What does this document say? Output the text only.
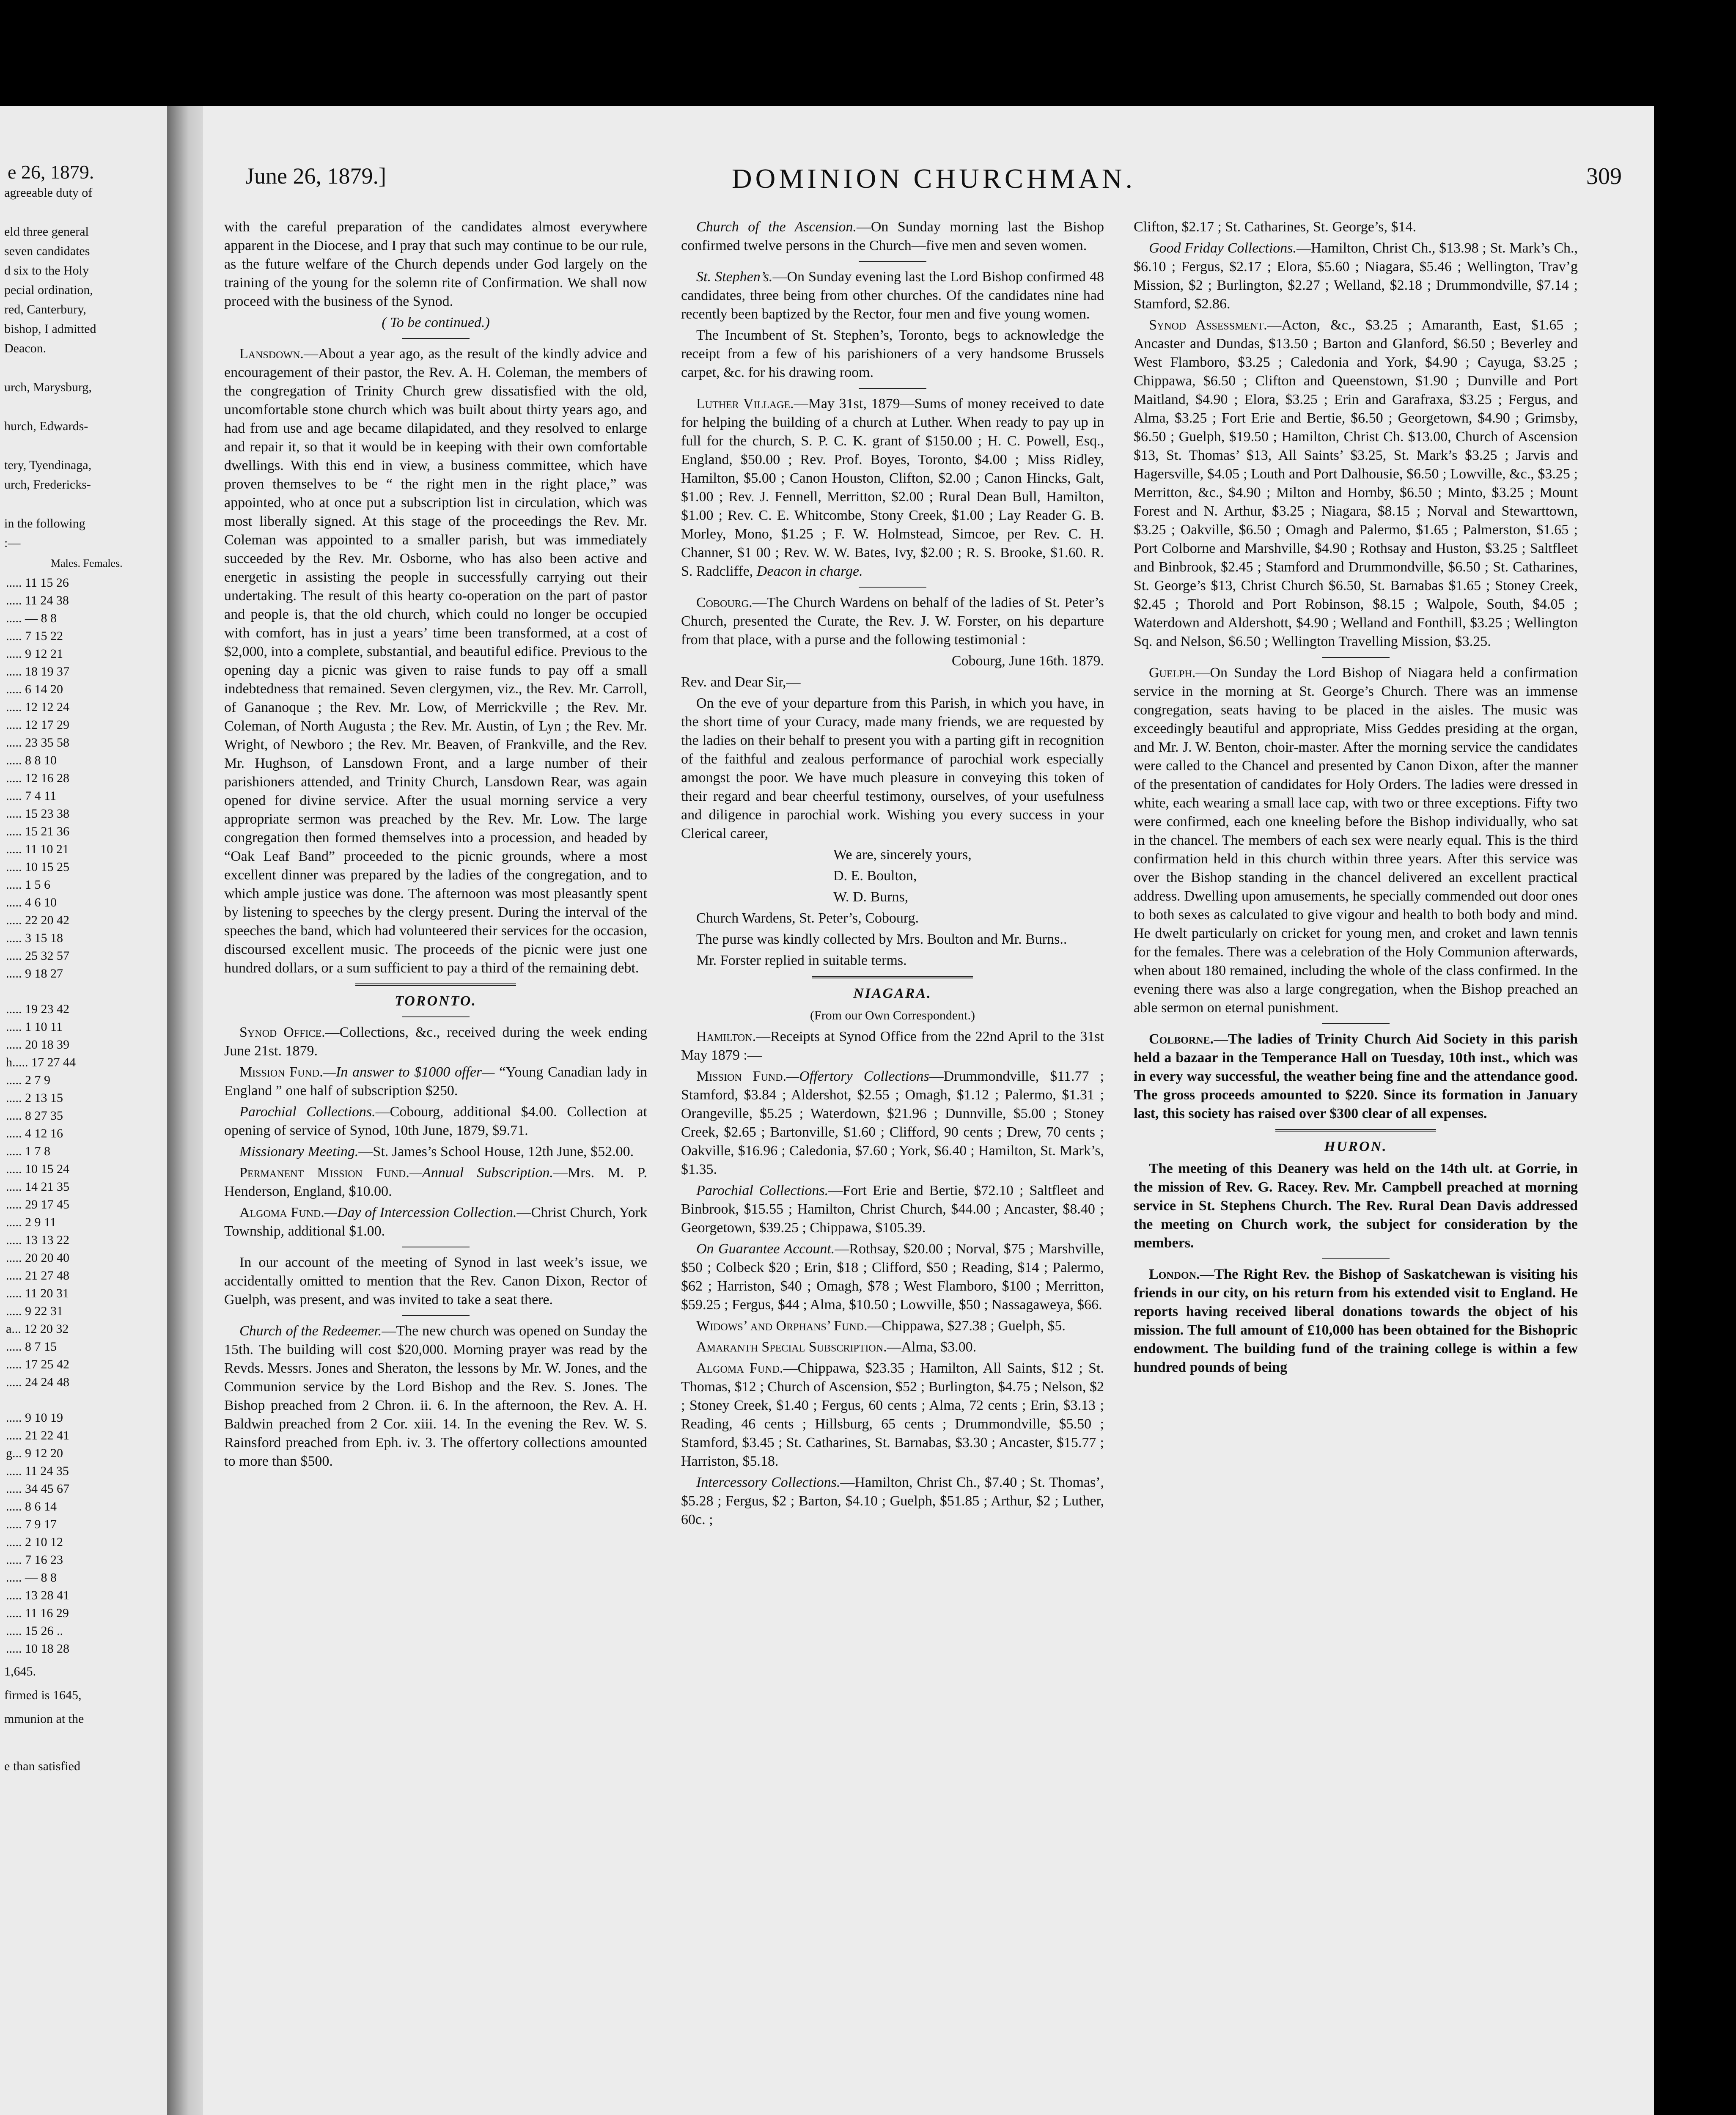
e 26, 1879.
agreeable duty of

eld three general
seven candidates
d six to the Holy
pecial ordination,
red, Canterbury,
bishop, I admitted
Deacon.

urch, Marysburg,

hurch, Edwards-

tery, Tyendinaga,
urch, Fredericks-

in the following
:—
Males. Females.
..... 11 15 26
..... 11 24 38
..... — 8 8
..... 7 15 22
..... 9 12 21
..... 18 19 37
..... 6 14 20
..... 12 12 24
..... 12 17 29
..... 23 35 58
..... 8 8 10
..... 12 16 28
..... 7 4 11
..... 15 23 38
..... 15 21 36
..... 11 10 21
..... 10 15 25
..... 1 5 6
..... 4 6 10
..... 22 20 42
..... 3 15 18
..... 25 32 57
..... 9 18 27

..... 19 23 42
..... 1 10 11
..... 20 18 39
h..... 17 27 44
..... 2 7 9
..... 2 13 15
..... 8 27 35
..... 4 12 16
..... 1 7 8
..... 10 15 24
..... 14 21 35
..... 29 17 45
..... 2 9 11
..... 13 13 22
..... 20 20 40
..... 21 27 48
..... 11 20 31
..... 9 22 31
a... 12 20 32
..... 8 7 15
..... 17 25 42
..... 24 24 48

..... 9 10 19
..... 21 22 41
g... 9 12 20
..... 11 24 35
..... 34 45 67
..... 8 6 14
..... 7 9 17
..... 2 10 12
..... 7 16 23
..... — 8 8
..... 13 28 41
..... 11 16 29
..... 15 26 ..
..... 10 18 28
1,645.
firmed is 1645,
mmunion at the

e than satisfied
June 26, 1879.]	DOMINION CHURCHMAN.	309

with the careful preparation of the candidates almost everywhere apparent in the Diocese, and I pray that such may continue to be our rule, as the future welfare of the Church depends under God largely on the training of the young for the solemn rite of Confirmation. We shall now proceed with the business of the Synod.

( To be continued.)

Lansdown.—About a year ago, as the result of the kindly advice and encouragement of their pastor, the Rev. A. H. Coleman, the members of the congregation of Trinity Church grew dissatisfied with the old, uncomfortable stone church which was built about thirty years ago, and had from use and age became dilapidated, and they resolved to enlarge and repair it, so that it would be in keeping with their own comfortable dwellings. With this end in view, a business committee, which have proven themselves to be “ the right men in the right place,” was appointed, who at once put a subscription list in circulation, which was most liberally signed. At this stage of the proceedings the Rev. Mr. Coleman was appointed to a smaller parish, but was immediately succeeded by the Rev. Mr. Osborne, who has also been active and energetic in assisting the people in successfully carrying out their undertaking. The result of this hearty co-operation on the part of pastor and people is, that the old church, which could no longer be occupied with comfort, has in just a years’ time been transformed, at a cost of $2,000, into a complete, substantial, and beautiful edifice. Previous to the opening day a picnic was given to raise funds to pay off a small indebtedness that remained. Seven clergymen, viz., the Rev. Mr. Carroll, of Gananoque ; the Rev. Mr. Low, of Merrickville ; the Rev. Mr. Coleman, of North Augusta ; the Rev. Mr. Austin, of Lyn ; the Rev. Mr. Wright, of Newboro ; the Rev. Mr. Beaven, of Frankville, and the Rev. Mr. Hughson, of Lansdown Front, and a large number of their parishioners attended, and Trinity Church, Lansdown Rear, was again opened for divine service. After the usual morning service a very appropriate sermon was preached by the Rev. Mr. Low. The large congregation then formed themselves into a procession, and headed by “Oak Leaf Band” proceeded to the picnic grounds, where a most excellent dinner was prepared by the ladies of the congregation, and to which ample justice was done. The afternoon was most pleasantly spent by listening to speeches by the clergy present. During the interval of the speeches the band, which had volunteered their services for the occasion, discoursed excellent music. The proceeds of the picnic were just one hundred dollars, or a sum sufficient to pay a third of the remaining debt.

TORONTO.

Synod Office.—Collections, &c., received during the week ending June 21st. 1879.

Mission Fund.—In answer to $1000 offer— “Young Canadian lady in England ” one half of subscription $250.

Parochial Collections.—Cobourg, additional $4.00. Collection at opening of service of Synod, 10th June, 1879, $9.71.

Missionary Meeting.—St. James’s School House, 12th June, $52.00.

Permanent Mission Fund.—Annual Subscription.—Mrs. M. P. Henderson, England, $10.00.

Algoma Fund.—Day of Intercession Collection.—Christ Church, York Township, additional $1.00.

In our account of the meeting of Synod in last week’s issue, we accidentally omitted to mention that the Rev. Canon Dixon, Rector of Guelph, was present, and was invited to take a seat there.

Church of the Redeemer.—The new church was opened on Sunday the 15th. The building will cost $20,000. Morning prayer was read by the Revds. Messrs. Jones and Sheraton, the lessons by Mr. W. Jones, and the Communion service by the Lord Bishop and the Rev. S. Jones. The Bishop preached from 2 Chron. ii. 6. In the afternoon, the Rev. A. H. Baldwin preached from 2 Cor. xiii. 14. In the evening the Rev. W. S. Rainsford preached from Eph. iv. 3. The offertory collections amounted to more than $500.

Church of the Ascension.—On Sunday morning last the Bishop confirmed twelve persons in the Church—five men and seven women.

St. Stephen’s.—On Sunday evening last the Lord Bishop confirmed 48 candidates, three being from other churches. Of the candidates nine had recently been baptized by the Rector, four men and five young women.

The Incumbent of St. Stephen’s, Toronto, begs to acknowledge the receipt from a few of his parishioners of a very handsome Brussels carpet, &c. for his drawing room.

Luther Village.—May 31st, 1879—Sums of money received to date for helping the building of a church at Luther. When ready to pay up in full for the church, S. P. C. K. grant of $150.00 ; H. C. Powell, Esq., England, $50.00 ; Rev. Prof. Boyes, Toronto, $4.00 ; Miss Ridley, Hamilton, $5.00 ; Canon Houston, Clifton, $2.00 ; Canon Hincks, Galt, $1.00 ; Rev. J. Fennell, Merritton, $2.00 ; Rural Dean Bull, Hamilton, $1.00 ; Rev. C. E. Whitcombe, Stony Creek, $1.00 ; Lay Reader G. B. Morley, Mono, $1.25 ; F. W. Holmstead, Simcoe, per Rev. C. H. Channer, $1 00 ; Rev. W. W. Bates, Ivy, $2.00 ; R. S. Brooke, $1.60. R. S. Radcliffe, Deacon in charge.

Cobourg.—The Church Wardens on behalf of the ladies of St. Peter’s Church, presented the Curate, the Rev. J. W. Forster, on his departure from that place, with a purse and the following testimonial :

Cobourg, June 16th. 1879.

Rev. and Dear Sir,—

On the eve of your departure from this Parish, in which you have, in the short time of your Curacy, made many friends, we are requested by the ladies on their behalf to present you with a parting gift in recognition of the faithful and zealous performance of parochial work especially amongst the poor. We have much pleasure in conveying this token of their regard and bear cheerful testimony, ourselves, of your usefulness and diligence in parochial work. Wishing you every success in your Clerical career,

We are, sincerely yours,

D. E. Boulton,

W. D. Burns,

Church Wardens, St. Peter’s, Cobourg.

The purse was kindly collected by Mrs. Boulton and Mr. Burns..

Mr. Forster replied in suitable terms.

NIAGARA.

(From our Own Correspondent.)

Hamilton.—Receipts at Synod Office from the 22nd April to the 31st May 1879 :—

Mission Fund.—Offertory Collections—Drummondville, $11.77 ; Stamford, $3.84 ; Aldershot, $2.55 ; Omagh, $1.12 ; Palermo, $1.31 ; Orangeville, $5.25 ; Waterdown, $21.96 ; Dunnville, $5.00 ; Stoney Creek, $2.65 ; Bartonville, $1.60 ; Clifford, 90 cents ; Drew, 70 cents ; Oakville, $16.96 ; Caledonia, $7.60 ; York, $6.40 ; Hamilton, St. Mark’s, $1.35.

Parochial Collections.—Fort Erie and Bertie, $72.10 ; Saltfleet and Binbrook, $15.55 ; Hamilton, Christ Church, $44.00 ; Ancaster, $8.40 ; Georgetown, $39.25 ; Chippawa, $105.39.

On Guarantee Account.—Rothsay, $20.00 ; Norval, $75 ; Marshville, $50 ; Colbeck $20 ; Erin, $18 ; Clifford, $50 ; Reading, $14 ; Palermo, $62 ; Harriston, $40 ; Omagh, $78 ; West Flamboro, $100 ; Merritton, $59.25 ; Fergus, $44 ; Alma, $10.50 ; Lowville, $50 ; Nassagaweya, $66.

Widows’ and Orphans’ Fund.—Chippawa, $27.38 ; Guelph, $5.

Amaranth Special Subscription.—Alma, $3.00.

Algoma Fund.—Chippawa, $23.35 ; Hamilton, All Saints, $12 ; St. Thomas, $12 ; Church of Ascension, $52 ; Burlington, $4.75 ; Nelson, $2 ; Stoney Creek, $1.40 ; Fergus, 60 cents ; Alma, 72 cents ; Erin, $3.13 ; Reading, 46 cents ; Hillsburg, 65 cents ; Drummondville, $5.50 ; Stamford, $3.45 ; St. Catharines, St. Barnabas, $3.30 ; Ancaster, $15.77 ; Harriston, $5.18.

Intercessory Collections.—Hamilton, Christ Ch., $7.40 ; St. Thomas’, $5.28 ; Fergus, $2 ; Barton, $4.10 ; Guelph, $51.85 ; Arthur, $2 ; Luther, 60c. ;

Clifton, $2.17 ; St. Catharines, St. George’s, $14.

Good Friday Collections.—Hamilton, Christ Ch., $13.98 ; St. Mark’s Ch., $6.10 ; Fergus, $2.17 ; Elora, $5.60 ; Niagara, $5.46 ; Wellington, Trav’g Mission, $2 ; Burlington, $2.27 ; Welland, $2.18 ; Drummondville, $7.14 ; Stamford, $2.86.

Synod Assessment.—Acton, &c., $3.25 ; Amaranth, East, $1.65 ; Ancaster and Dundas, $13.50 ; Barton and Glanford, $6.50 ; Beverley and West Flamboro, $3.25 ; Caledonia and York, $4.90 ; Cayuga, $3.25 ; Chippawa, $6.50 ; Clifton and Queenstown, $1.90 ; Dunville and Port Maitland, $4.90 ; Elora, $3.25 ; Erin and Garafraxa, $3.25 ; Fergus, and Alma, $3.25 ; Fort Erie and Bertie, $6.50 ; Georgetown, $4.90 ; Grimsby, $6.50 ; Guelph, $19.50 ; Hamilton, Christ Ch. $13.00, Church of Ascension $13, St. Thomas’ $13, All Saints’ $3.25, St. Mark’s $3.25 ; Jarvis and Hagersville, $4.05 ; Louth and Port Dalhousie, $6.50 ; Lowville, &c., $3.25 ; Merritton, &c., $4.90 ; Milton and Hornby, $6.50 ; Minto, $3.25 ; Mount Forest and N. Arthur, $3.25 ; Niagara, $8.15 ; Norval and Stewarttown, $3.25 ; Oakville, $6.50 ; Omagh and Palermo, $1.65 ; Palmerston, $1.65 ; Port Colborne and Marshville, $4.90 ; Rothsay and Huston, $3.25 ; Saltfleet and Binbrook, $2.45 ; Stamford and Drummondville, $6.50 ; St. Catharines, St. George’s $13, Christ Church $6.50, St. Barnabas $1.65 ; Stoney Creek, $2.45 ; Thorold and Port Robinson, $8.15 ; Walpole, South, $4.05 ; Waterdown and Aldershott, $4.90 ; Welland and Fonthill, $3.25 ; Wellington Sq. and Nelson, $6.50 ; Wellington Travelling Mission, $3.25.

Guelph.—On Sunday the Lord Bishop of Niagara held a confirmation service in the morning at St. George’s Church. There was an immense congregation, seats having to be placed in the aisles. The music was exceedingly beautiful and appropriate, Miss Geddes presiding at the organ, and Mr. J. W. Benton, choir-master. After the morning service the candidates were called to the Chancel and presented by Canon Dixon, after the manner of the presentation of candidates for Holy Orders. The ladies were dressed in white, each wearing a small lace cap, with two or three exceptions. Fifty two were confirmed, each one kneeling before the Bishop individually, who sat in the chancel. The members of each sex were nearly equal. This is the third confirmation held in this church within three years. After this service was over the Bishop standing in the chancel delivered an excellent practical address. Dwelling upon amusements, he specially commended out door ones to both sexes as calculated to give vigour and health to both body and mind. He dwelt particularly on cricket for young men, and croket and lawn tennis for the females. There was a celebration of the Holy Communion afterwards, when about 180 remained, including the whole of the class confirmed. In the evening there was also a large congregation, when the Bishop preached an able sermon on eternal punishment.

Colborne.—The ladies of Trinity Church Aid Society in this parish held a bazaar in the Temperance Hall on Tuesday, 10th inst., which was in every way successful, the weather being fine and the attendance good. The gross proceeds amounted to $220. Since its formation in January last, this society has raised over $300 clear of all expenses.

HURON.

The meeting of this Deanery was held on the 14th ult. at Gorrie, in the mission of Rev. G. Racey. Rev. Mr. Campbell preached at morning service in St. Stephens Church. The Rev. Rural Dean Davis addressed the meeting on Church work, the subject for consideration by the members.

London.—The Right Rev. the Bishop of Saskatchewan is visiting his friends in our city, on his return from his extended visit to England. He reports having received liberal donations towards the object of his mission. The full amount of £10,000 has been obtained for the Bishopric endowment. The building fund of the training college is within a few hundred pounds of being
